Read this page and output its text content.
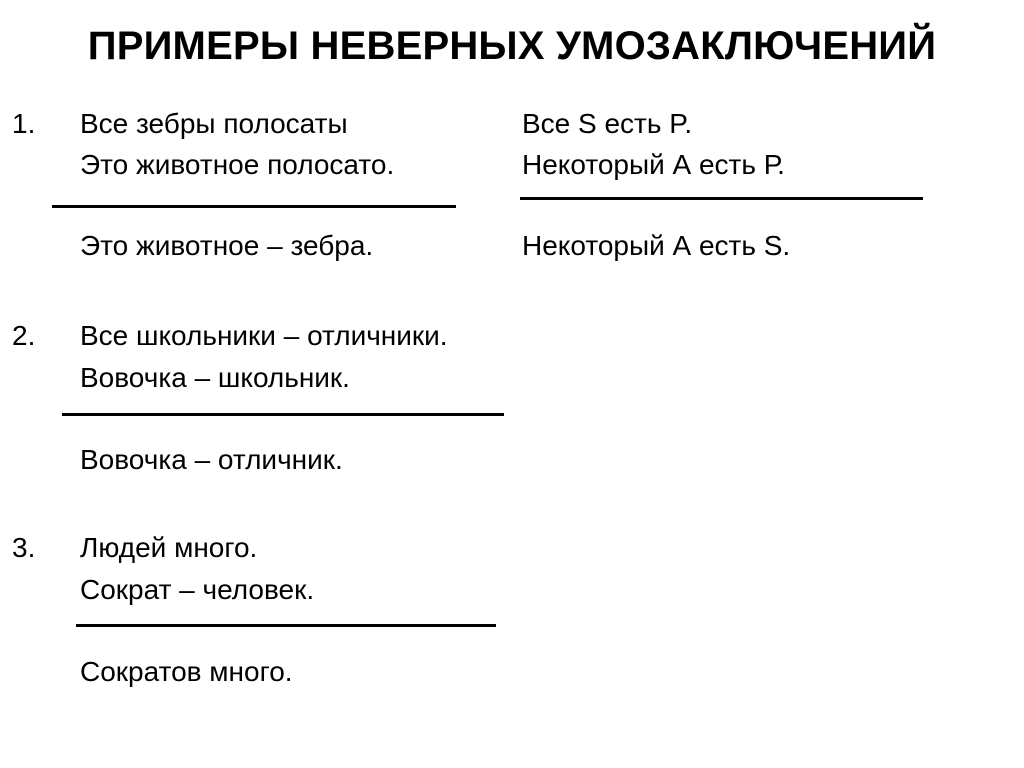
ПРИМЕРЫ НЕВЕРНЫХ УМОЗАКЛЮЧЕНИЙ
1. Все зебры полосаты
Это животное полосато.
Это животное – зебра.
Все S есть P.
Некоторый А есть Р.
Некоторый А есть S.
2. Все школьники – отличники.
Вовочка – школьник.
Вовочка – отличник.
3. Людей много.
Сократ – человек.
Сократов много.
